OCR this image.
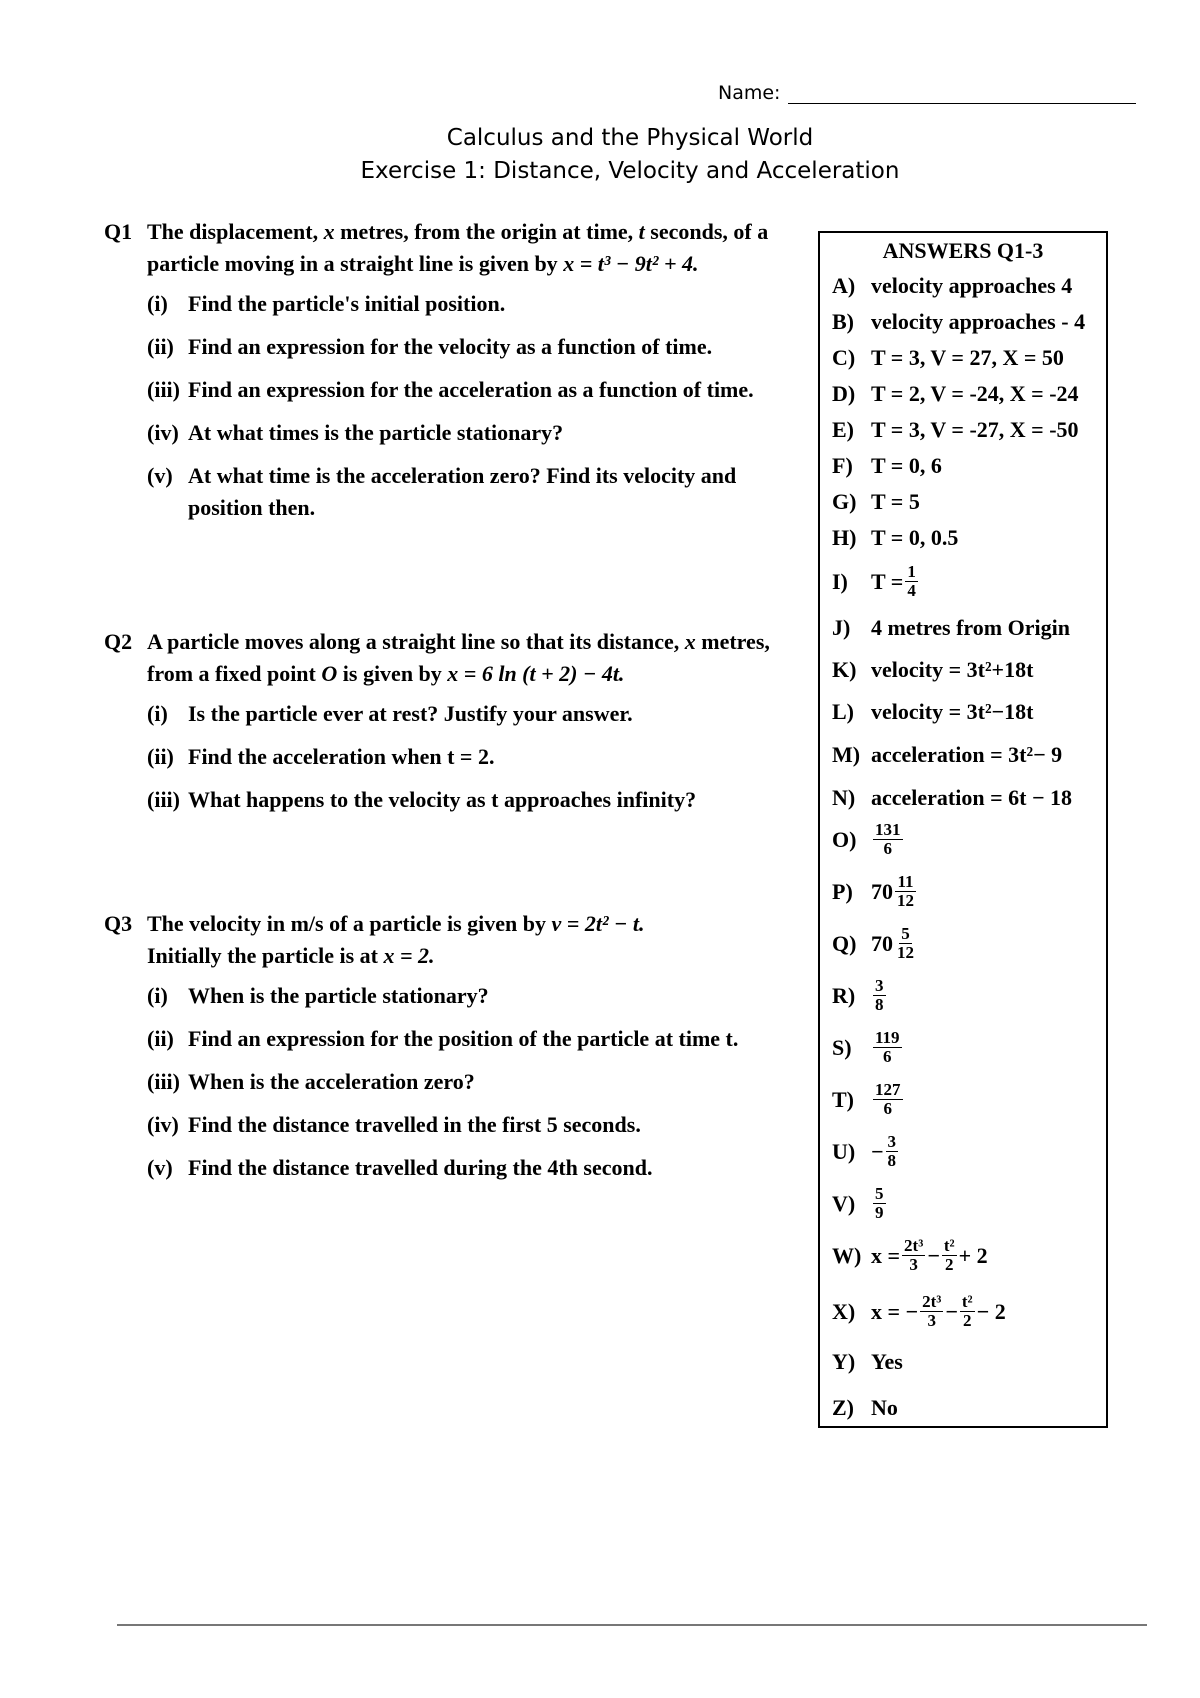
Name:
Calculus and the Physical World
Exercise 1: Distance, Velocity and Acceleration
Q1 The displacement, x metres, from the origin at time, t seconds, of a particle moving in a straight line is given by x = t³ − 9t² + 4.
(i) Find the particle's initial position.
(ii) Find an expression for the velocity as a function of time.
(iii) Find an expression for the acceleration as a function of time.
(iv) At what times is the particle stationary?
(v) At what time is the acceleration zero? Find its velocity and position then.
Q2 A particle moves along a straight line so that its distance, x metres, from a fixed point O is given by x = 6 ln (t + 2) − 4t.
(i) Is the particle ever at rest? Justify your answer.
(ii) Find the acceleration when t = 2.
(iii) What happens to the velocity as t approaches infinity?
Q3 The velocity in m/s of a particle is given by v = 2t² − t.
Initially the particle is at x = 2.
(i) When is the particle stationary?
(ii) Find an expression for the position of the particle at time t.
(iii) When is the acceleration zero?
(iv) Find the distance travelled in the first 5 seconds.
(v) Find the distance travelled during the 4th second.
ANSWERS Q1-3
A) velocity approaches 4
B) velocity approaches - 4
C) T = 3, V = 27, X = 50
D) T = 2, V = -24, X = -24
E) T = 3, V = -27, X = -50
F) T = 0, 6
G) T = 5
H) T = 0, 0.5
I)	$T = \frac{1}{4}$
J) 4 metres from Origin
K) velocity = 3t²+18t
L) velocity = 3t²−18t
M) acceleration = 3t²− 9
N) acceleration = 6t − 18
$O) \frac{131}{6}$
P) $70 \frac{11}{12}$
Q) $70 \frac{5}{12}$
R)	$\frac{3}{8}$
S)	$\frac{119}{6}$
T)	$\frac{127}{6}$
$U) - \frac{3}{8}$
V)	$\frac{5}{9}$
W) $x = \frac{\text{2t³}}{3} - \frac{\text{t²}}{2} + 2$
X) x = − $\frac{\text{2t³}}{3} - \frac{\text{t²}}{2} - 2$
Y) Yes
Z) No
